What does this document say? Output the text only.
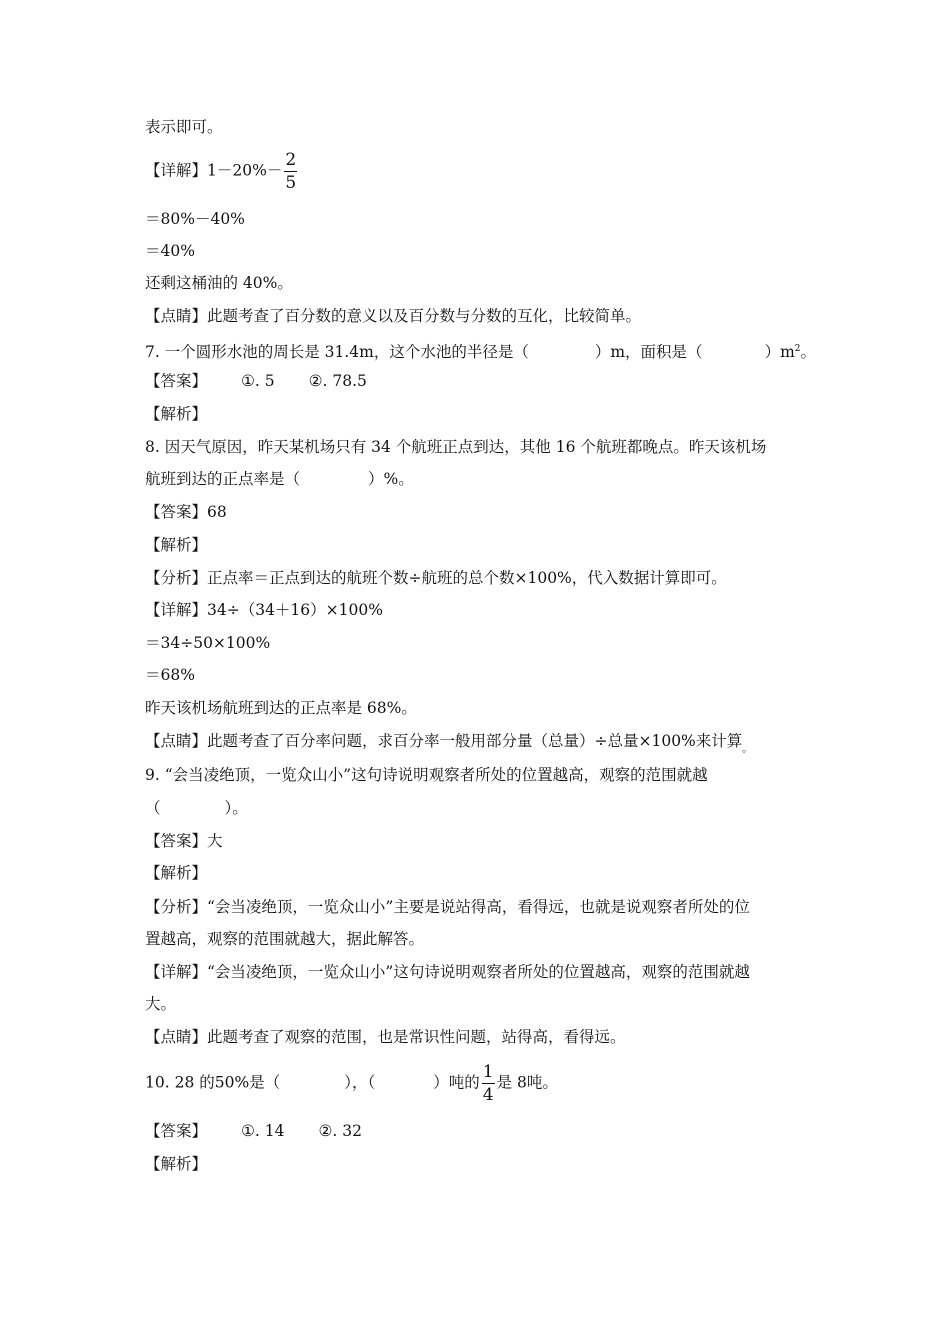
表示即可。
【详解】$1-20\%- \frac{2}{5}$
＝80%－40%
＝40%
还剩这桶油的 40%。
【点睛】此题考查了百分数的意义以及百分数与分数的互化，比较简单。
7. 一个圆形水池的周长是 31.4m，这个水池的半径是（	）m，面积是（	）$m^2$。
【答案】 ①. 5 ②. 78.5
【解析】
8. 因天气原因，昨天某机场只有 34 个航班正点到达，其他 16 个航班都晚点。昨天该机场
航班到达的正点率是（	）%。
【答案】68
【解析】
【分析】正点率＝正点到达的航班个数÷航班的总个数×100%，代入数据计算即可。
【详解】34÷（34＋16）×100%
＝34÷50×100%
＝68%
昨天该机场航班到达的正点率是 68%。
【点睛】此题考查了百分率问题，求百分率一般用部分量（总量）÷总量×100%来计算$_。$
9. “会当凌绝顶，一览众山小”这句诗说明观察者所处的位置越高，观察的范围就越
（	）。
【答案】大
【解析】
【分析】“会当凌绝顶，一览众山小”主要是说站得高，看得远，也就是说观察者所处的位
置越高，观察的范围就越大，据此解答。
【详解】“会当凌绝顶，一览众山小”这句诗说明观察者所处的位置越高，观察的范围就越
大。
【点睛】此题考查了观察的范围，也是常识性问题，站得高，看得远。
10. 28 的50%是（	），（	）吨的 $\frac{1}{4}$ 是 8吨。
【答案】 ①. 14 ②. 32
【解析】
